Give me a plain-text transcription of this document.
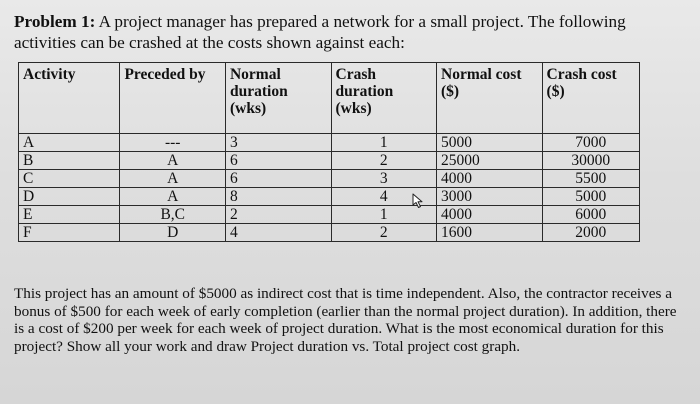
Problem 1: A project manager has prepared a network for a small project. The following activities can be crashed at the costs shown against each:
Activity	Preceded by	Normal duration (wks)	Crash duration (wks)	Normal cost ($)	Crash cost ($)
A	---	3	1	5000	7000
B	A	6	2	25000	30000
C	A	6	3	4000	5500
D	A	8	4	3000	5000
E	B,C	2	1	4000	6000
F	D	4	2	1600	2000
This project has an amount of $5000 as indirect cost that is time independent. Also, the contractor receives a bonus of $500 for each week of early completion (earlier than the normal project duration). In addition, there is a cost of $200 per week for each week of project duration. What is the most economical duration for this project? Show all your work and draw Project duration vs. Total project cost graph.
